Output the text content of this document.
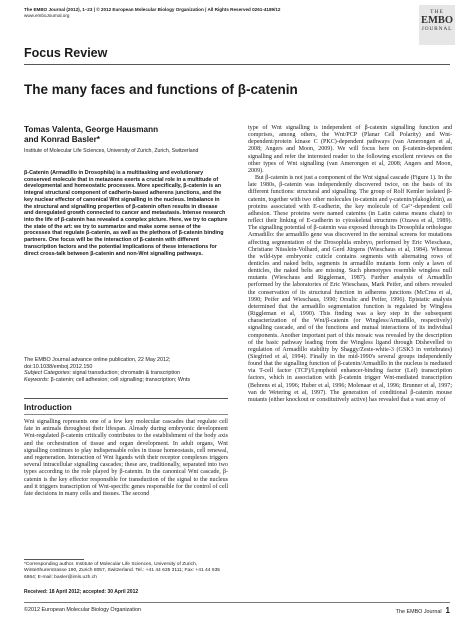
The EMBO Journal (2012), 1–23 | © 2012 European Molecular Biology Organization | All Rights Reserved 0261-4189/12
www.emboJournal.org
THE
EMBO
JOURNAL
Focus Review
The many faces and functions of β-catenin
Tomas Valenta, George Hausmann
and Konrad Basler*
Institute of Molecular Life Sciences, University of Zurich, Zurich, Switzerland
β-Catenin (Armadillo in Drosophila) is a multitasking and evolutionary conserved molecule that in metazoans exerts a crucial role in a multitude of developmental and homeostatic processes. More specifically, β-catenin is an integral structural component of cadherin-based adherens junctions, and the key nuclear effector of canonical Wnt signalling in the nucleus. Imbalance in the structural and signalling properties of β-catenin often results in disease and deregulated growth connected to cancer and metastasis. Intense research into the life of β-catenin has revealed a complex picture. Here, we try to capture the state of the art: we try to summarize and make some sense of the processes that regulate β-catenin, as well as the plethora of β-catenin binding partners. One focus will be the interaction of β-catenin with different transcription factors and the potential implications of these interactions for direct cross-talk between β-catenin and non-Wnt signalling pathways.
The EMBO Journal advance online publication, 22 May 2012; doi:10.1038/emboj.2012.150
Subject Categories: signal transduction; chromatin & transcription
Keywords: β-catenin; cell adhesion; cell signalling; transcription; Wnts
Introduction
Wnt signalling represents one of a few key molecular cascades that regulate cell fate in animals throughout their lifespan. Already during embryonic development Wnt-regulated β-catenin critically contributes to the establishment of the body axis and the orchestration of tissue and organ development. In adult organs, Wnt signalling continues to play indispensable roles in tissue homeostasis, cell renewal, and regeneration. Interaction of Wnt ligands with their receptor complexes triggers several intracellular signalling cascades; these are, traditionally, separated into two types according to the role played by β-catenin. In the canonical Wnt cascade, β-catenin is the key effector responsible for transduction of the signal to the nucleus and it triggers transcription of Wnt-specific genes responsible for the control of cell fate decisions in many cells and tissues. The second
*Corresponding author. Institute of Molecular Life Sciences, University of Zurich, Winterthurerstrasse 190, Zurich 8057, Switzerland. Tel.: +41 44 635 3111; Fax: +41 44 635 6864; E-mail: basler@imls.uzh.ch
Received: 18 April 2012; accepted: 30 April 2012

type of Wnt signalling is independent of β-catenin signalling function and comprises, among others, the Wnt/PCP (Planar Cell Polarity) and Wnt-dependent/protein kinase C (PKC)-dependent pathways (van Amerongen et al, 2008; Angers and Moon, 2009). We will focus here on β-catenin-dependent signalling and refer the interested reader to the following excellent reviews on the other types of Wnt signalling (van Amerongen et al, 2008; Angers and Moon, 2009).

But β-catenin is not just a component of the Wnt signal cascade (Figure 1). In the late 1980s, β-catenin was independently discovered twice, on the basis of its different functions: structural and signalling. The group of Rolf Kemler isolated β-catenin, together with two other molecules (α-catenin and γ-catenin/plakoglobin), as proteins associated with E-cadherin, the key molecule of Ca²⁺-dependent cell adhesion. These proteins were named catenins (in Latin catena means chain) to reflect their linking of E-cadherin to cytoskeletal structures (Ozawa et al, 1989). The signalling potential of β-catenin was exposed through its Drosophila orthologue Armadillo: the armadillo gene was discovered in the seminal screens for mutations affecting segmentation of the Drosophila embryo, performed by Eric Wieschaus, Christiane Nüsslein-Volhard, and Gerd Jürgens (Wieschaus et al, 1984). Whereas the wild-type embryonic cuticle contains segments with alternating rows of denticles and naked belts, segments in armadillo mutants form only a lawn of denticles, the naked belts are missing. Such phenotypes resemble wingless null mutants (Wieschaus and Riggleman, 1987). Further analysis of Armadillo performed by the laboratories of Eric Wieschaus, Mark Peifer, and others revealed the conservation of its structural function in adherens junctions (McCrea et al, 1990; Peifer and Wieschaus, 1990; Orsulic and Peifer, 1996). Epistatic analysis determined that the armadillo segmentation function is regulated by Wingless (Riggleman et al, 1990). This finding was a key step in the subsequent characterization of the Wnt/β-catenin (or Wingless/Armadillo, respectively) signalling cascade, and of the functions and mutual interactions of its individual components. Another important part of this mosaic was revealed by the description of the basic pathway leading from the Wingless ligand through Dishevelled to regulation of Armadillo stability by Shaggy/Zeste-white-3 (GSK3 in vertebrates) (Siegfried et al, 1994). Finally in the mid-1990's several groups independently found that the signalling function of β-catenin/Armadillo in the nucleus is mediated via T-cell factor (TCF)/Lymphoid enhancer-binding factor (Lef) transcription factors, which in association with β-catenin trigger Wnt-mediated transcription (Behrens et al, 1996; Huber et al, 1996; Molenaar et al, 1996; Brunner et al, 1997; van de Wetering et al, 1997). The generation of conditional β-catenin mouse mutants (either knockout or constitutively active) has revealed that a vast array of

©2012 European Molecular Biology Organization	The EMBO Journal 1
